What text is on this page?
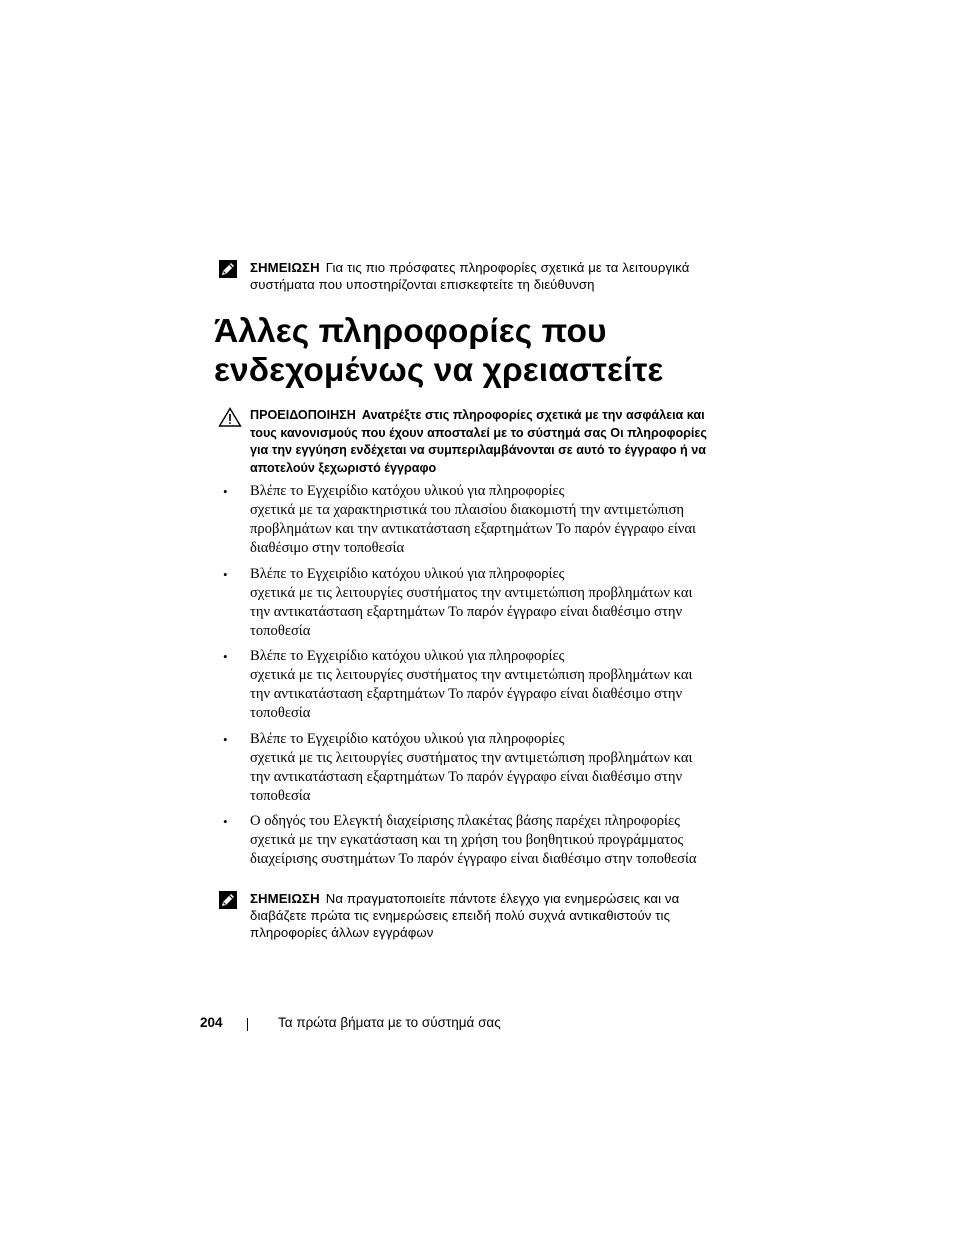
ΣΗΜΕΙΩΣΗ Για τις πιο πρόσφατες πληροφορίες σχετικά με τα λειτουργικά συστήματα που υποστηρίζονται επισκεφτείτε τη διεύθυνση
Άλλες πληροφορίες που ενδεχομένως να χρειαστείτε
ΠΡΟΕΙΔΟΠΟΙΗΣΗ Ανατρέξτε στις πληροφορίες σχετικά με την ασφάλεια και τους κανονισμούς που έχουν αποσταλεί με το σύστημά σας Οι πληροφορίες για την εγγύηση ενδέχεται να συμπεριλαμβάνονται σε αυτό το έγγραφο ή να αποτελούν ξεχωριστό έγγραφο
• Βλέπε το Εγχειρίδιο κατόχου υλικού για πληροφορίες
σχετικά με τα χαρακτηριστικά του πλαισίου διακομιστή την αντιμετώπιση
προβλημάτων και την αντικατάσταση εξαρτημάτων Το παρόν έγγραφο είναι
διαθέσιμο στην τοποθεσία
• Βλέπε το Εγχειρίδιο κατόχου υλικού για πληροφορίες
σχετικά με τις λειτουργίες συστήματος την αντιμετώπιση προβλημάτων και
την αντικατάσταση εξαρτημάτων Το παρόν έγγραφο είναι διαθέσιμο στην
τοποθεσία
• Βλέπε το Εγχειρίδιο κατόχου υλικού για πληροφορίες
σχετικά με τις λειτουργίες συστήματος την αντιμετώπιση προβλημάτων και
την αντικατάσταση εξαρτημάτων Το παρόν έγγραφο είναι διαθέσιμο στην
τοποθεσία
• Βλέπε το Εγχειρίδιο κατόχου υλικού για πληροφορίες
σχετικά με τις λειτουργίες συστήματος την αντιμετώπιση προβλημάτων και
την αντικατάσταση εξαρτημάτων Το παρόν έγγραφο είναι διαθέσιμο στην
τοποθεσία
• Ο οδηγός του Ελεγκτή διαχείρισης πλακέτας βάσης παρέχει πληροφορίες
σχετικά με την εγκατάσταση και τη χρήση του βοηθητικού προγράμματος
διαχείρισης συστημάτων Το παρόν έγγραφο είναι διαθέσιμο στην τοποθεσία
ΣΗΜΕΙΩΣΗ Να πραγματοποιείτε πάντοτε έλεγχο για ενημερώσεις και να διαβάζετε πρώτα τις ενημερώσεις επειδή πολύ συχνά αντικαθιστούν τις πληροφορίες άλλων εγγράφων
204	Τα πρώτα βήματα με το σύστημά σας
